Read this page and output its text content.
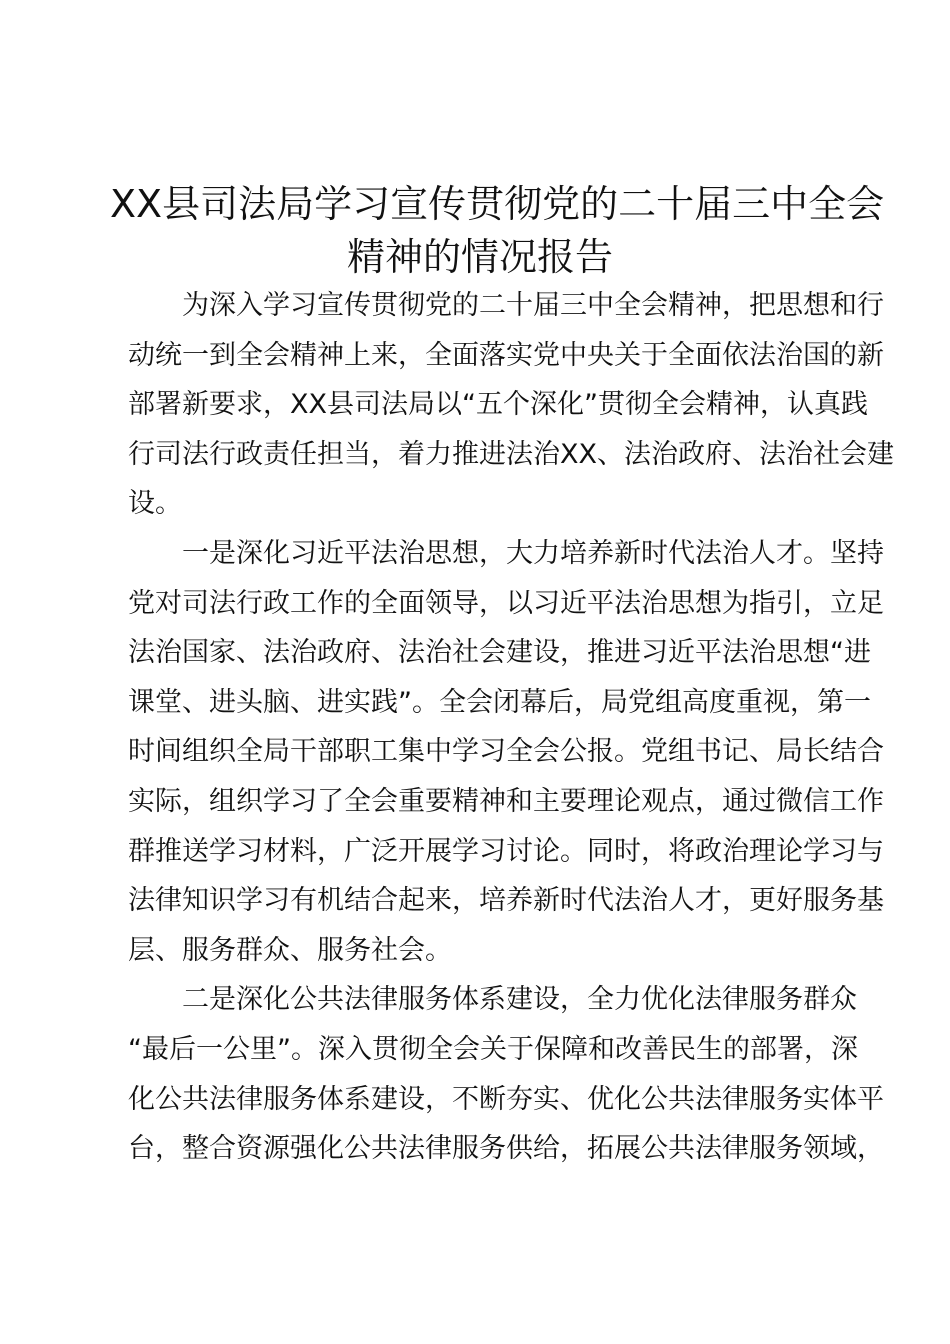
XX县司法局学习宣传贯彻党的二十届三中全会
精神的情况报告
　　为深入学习宣传贯彻党的二十届三中全会精神，把思想和行
动统一到全会精神上来，全面落实党中央关于全面依法治国的新
部署新要求，XX县司法局以“五个深化”贯彻全会精神，认真践
行司法行政责任担当，着力推进法治XX、法治政府、法治社会建
设。
　　一是深化习近平法治思想，大力培养新时代法治人才。坚持
党对司法行政工作的全面领导，以习近平法治思想为指引，立足
法治国家、法治政府、法治社会建设，推进习近平法治思想“进
课堂、进头脑、进实践”。全会闭幕后，局党组高度重视，第一
时间组织全局干部职工集中学习全会公报。党组书记、局长结合
实际，组织学习了全会重要精神和主要理论观点，通过微信工作
群推送学习材料，广泛开展学习讨论。同时，将政治理论学习与
法律知识学习有机结合起来，培养新时代法治人才，更好服务基
层、服务群众、服务社会。
　　二是深化公共法律服务体系建设，全力优化法律服务群众
“最后一公里”。深入贯彻全会关于保障和改善民生的部署，深
化公共法律服务体系建设，不断夯实、优化公共法律服务实体平
台，整合资源强化公共法律服务供给，拓展公共法律服务领域，
